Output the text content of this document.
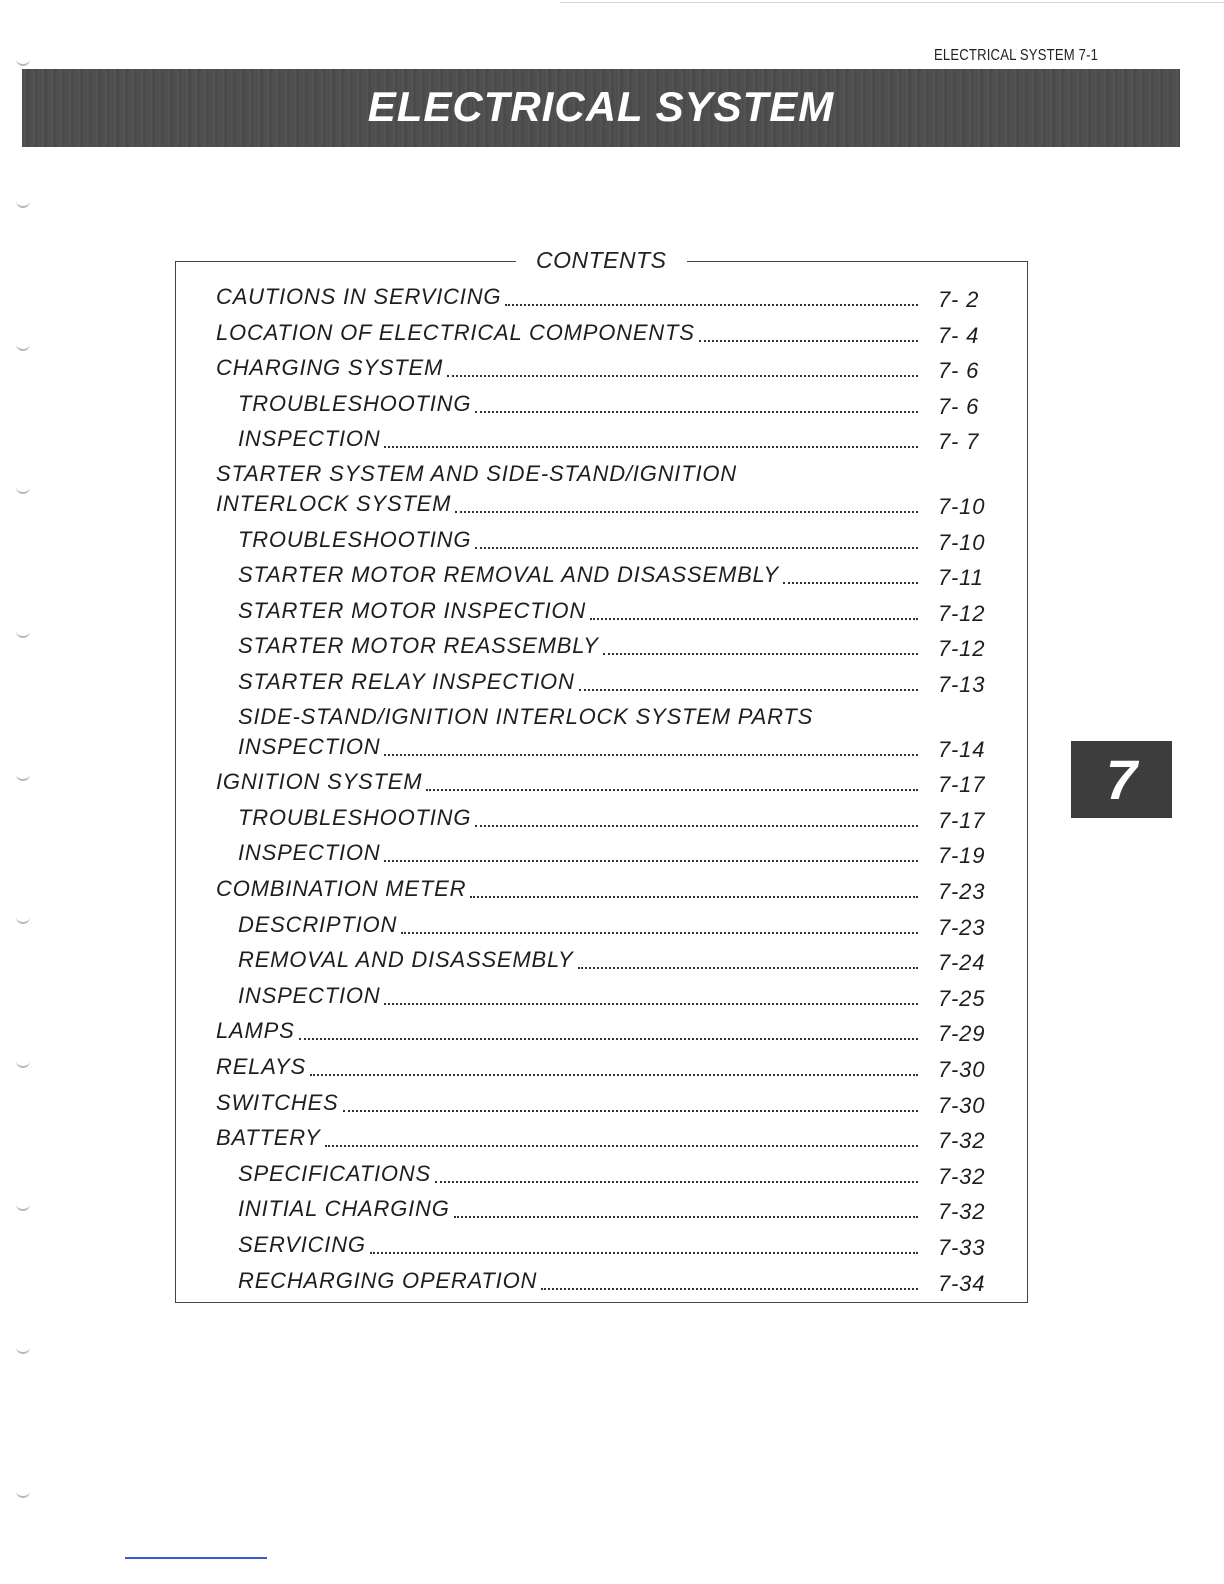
ELECTRICAL SYSTEM 7-1
ELECTRICAL SYSTEM
CONTENTS
CAUTIONS IN SERVICING	7- 2
LOCATION OF ELECTRICAL COMPONENTS	7- 4
CHARGING SYSTEM	7- 6
TROUBLESHOOTING	7- 6
INSPECTION	7- 7
STARTER SYSTEM AND SIDE-STAND/IGNITION
INTERLOCK SYSTEM	7-10
TROUBLESHOOTING	7-10
STARTER MOTOR REMOVAL AND DISASSEMBLY	7-11
STARTER MOTOR INSPECTION	7-12
STARTER MOTOR REASSEMBLY	7-12
STARTER RELAY INSPECTION	7-13
SIDE-STAND/IGNITION INTERLOCK SYSTEM PARTS
INSPECTION	7-14
IGNITION SYSTEM	7-17
TROUBLESHOOTING	7-17
INSPECTION	7-19
COMBINATION METER	7-23
DESCRIPTION	7-23
REMOVAL AND DISASSEMBLY	7-24
INSPECTION	7-25
LAMPS	7-29
RELAYS	7-30
SWITCHES	7-30
BATTERY	7-32
SPECIFICATIONS	7-32
INITIAL CHARGING	7-32
SERVICING	7-33
RECHARGING OPERATION	7-34
7
